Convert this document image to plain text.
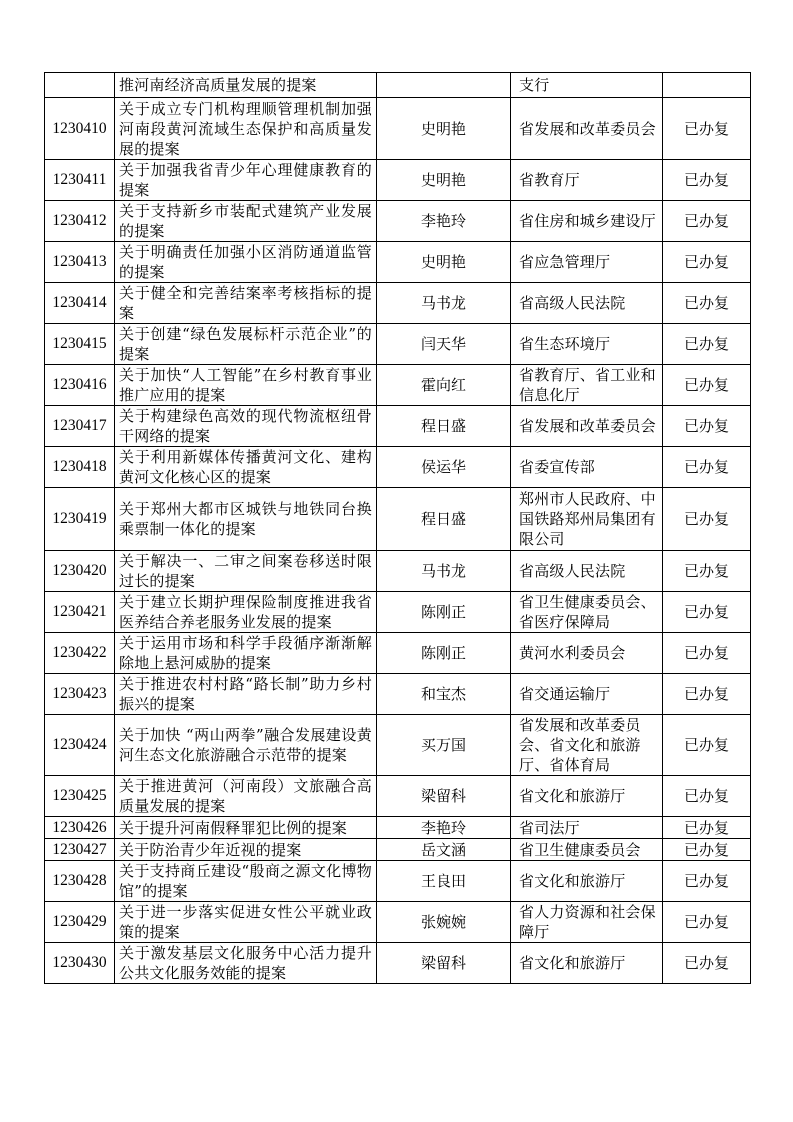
	推河南经济高质量发展的提案		支行	
1230410	关于成立专门机构理顺管理机制加强河南段黄河流域生态保护和高质量发展的提案	史明艳	省发展和改革委员会	已办复
1230411	关于加强我省青少年心理健康教育的提案	史明艳	省教育厅	已办复
1230412	关于支持新乡市装配式建筑产业发展的提案	李艳玲	省住房和城乡建设厅	已办复
1230413	关于明确责任加强小区消防通道监管的提案	史明艳	省应急管理厅	已办复
1230414	关于健全和完善结案率考核指标的提案	马书龙	省高级人民法院	已办复
1230415	关于创建“绿色发展标杆示范企业”的提案	闫天华	省生态环境厅	已办复
1230416	关于加快“人工智能”在乡村教育事业推广应用的提案	霍向红	省教育厅、省工业和信息化厅	已办复
1230417	关于构建绿色高效的现代物流枢纽骨干网络的提案	程日盛	省发展和改革委员会	已办复
1230418	关于利用新媒体传播黄河文化、建构黄河文化核心区的提案	侯运华	省委宣传部	已办复
1230419	关于郑州大都市区城铁与地铁同台换乘票制一体化的提案	程日盛	郑州市人民政府、中国铁路郑州局集团有限公司	已办复
1230420	关于解决一、二审之间案卷移送时限过长的提案	马书龙	省高级人民法院	已办复
1230421	关于建立长期护理保险制度推进我省医养结合养老服务业发展的提案	陈刚正	省卫生健康委员会、省医疗保障局	已办复
1230422	关于运用市场和科学手段循序渐渐解除地上悬河威胁的提案	陈刚正	黄河水利委员会	已办复
1230423	关于推进农村村路“路长制”助力乡村振兴的提案	和宝杰	省交通运输厅	已办复
1230424	关于加快 “两山两拳”融合发展建设黄河生态文化旅游融合示范带的提案	买万国	省发展和改革委员会、省文化和旅游厅、省体育局	已办复
1230425	关于推进黄河（河南段）文旅融合高质量发展的提案	梁留科	省文化和旅游厅	已办复
1230426	关于提升河南假释罪犯比例的提案	李艳玲	省司法厅	已办复
1230427	关于防治青少年近视的提案	岳文涵	省卫生健康委员会	已办复
1230428	关于支持商丘建设“殷商之源文化博物馆”的提案	王良田	省文化和旅游厅	已办复
1230429	关于进一步落实促进女性公平就业政策的提案	张婉婉	省人力资源和社会保障厅	已办复
1230430	关于激发基层文化服务中心活力提升公共文化服务效能的提案	梁留科	省文化和旅游厅	已办复
